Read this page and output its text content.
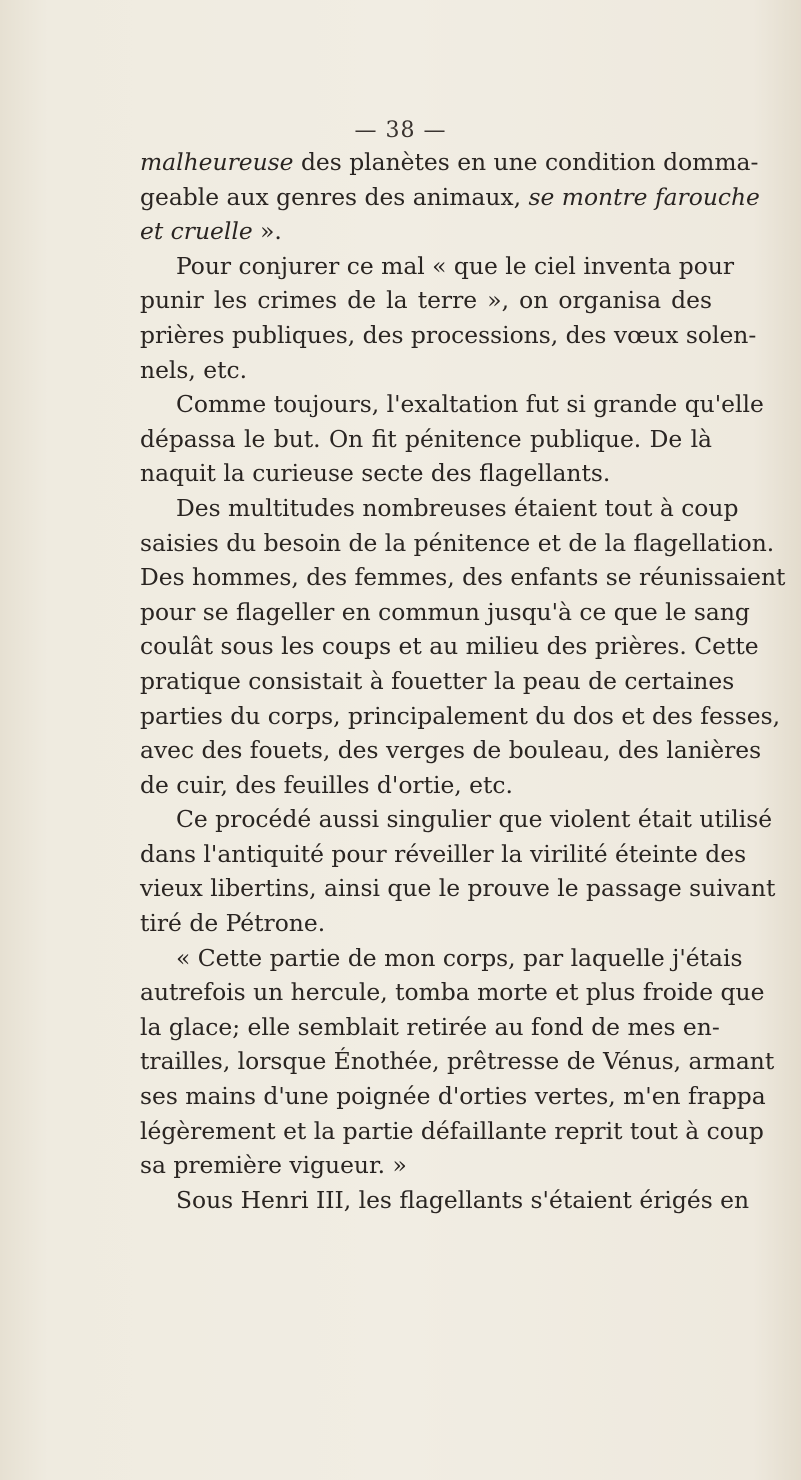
— 38 —
malheureuse des planètes en une condition domma-
geable aux genres des animaux, se montre farouche
et cruelle ».
Pour conjurer ce mal « que le ciel inventa pour
punir les crimes de la terre », on organisa des
prières publiques, des processions, des vœux solen-
nels, etc.
Comme toujours, l'exaltation fut si grande qu'elle
dépassa le but. On fit pénitence publique. De là
naquit la curieuse secte des flagellants.
Des multitudes nombreuses étaient tout à coup
saisies du besoin de la pénitence et de la flagellation.
Des hommes, des femmes, des enfants se réunissaient
pour se flageller en commun jusqu'à ce que le sang
coulât sous les coups et au milieu des prières. Cette
pratique consistait à fouetter la peau de certaines
parties du corps, principalement du dos et des fesses,
avec des fouets, des verges de bouleau, des lanières
de cuir, des feuilles d'ortie, etc.
Ce procédé aussi singulier que violent était utilisé
dans l'antiquité pour réveiller la virilité éteinte des
vieux libertins, ainsi que le prouve le passage suivant
tiré de Pétrone.
« Cette partie de mon corps, par laquelle j'étais
autrefois un hercule, tomba morte et plus froide que
la glace; elle semblait retirée au fond de mes en-
trailles, lorsque Énothée, prêtresse de Vénus, armant
ses mains d'une poignée d'orties vertes, m'en frappa
légèrement et la partie défaillante reprit tout à coup
sa première vigueur. »
Sous Henri III, les flagellants s'étaient érigés en
